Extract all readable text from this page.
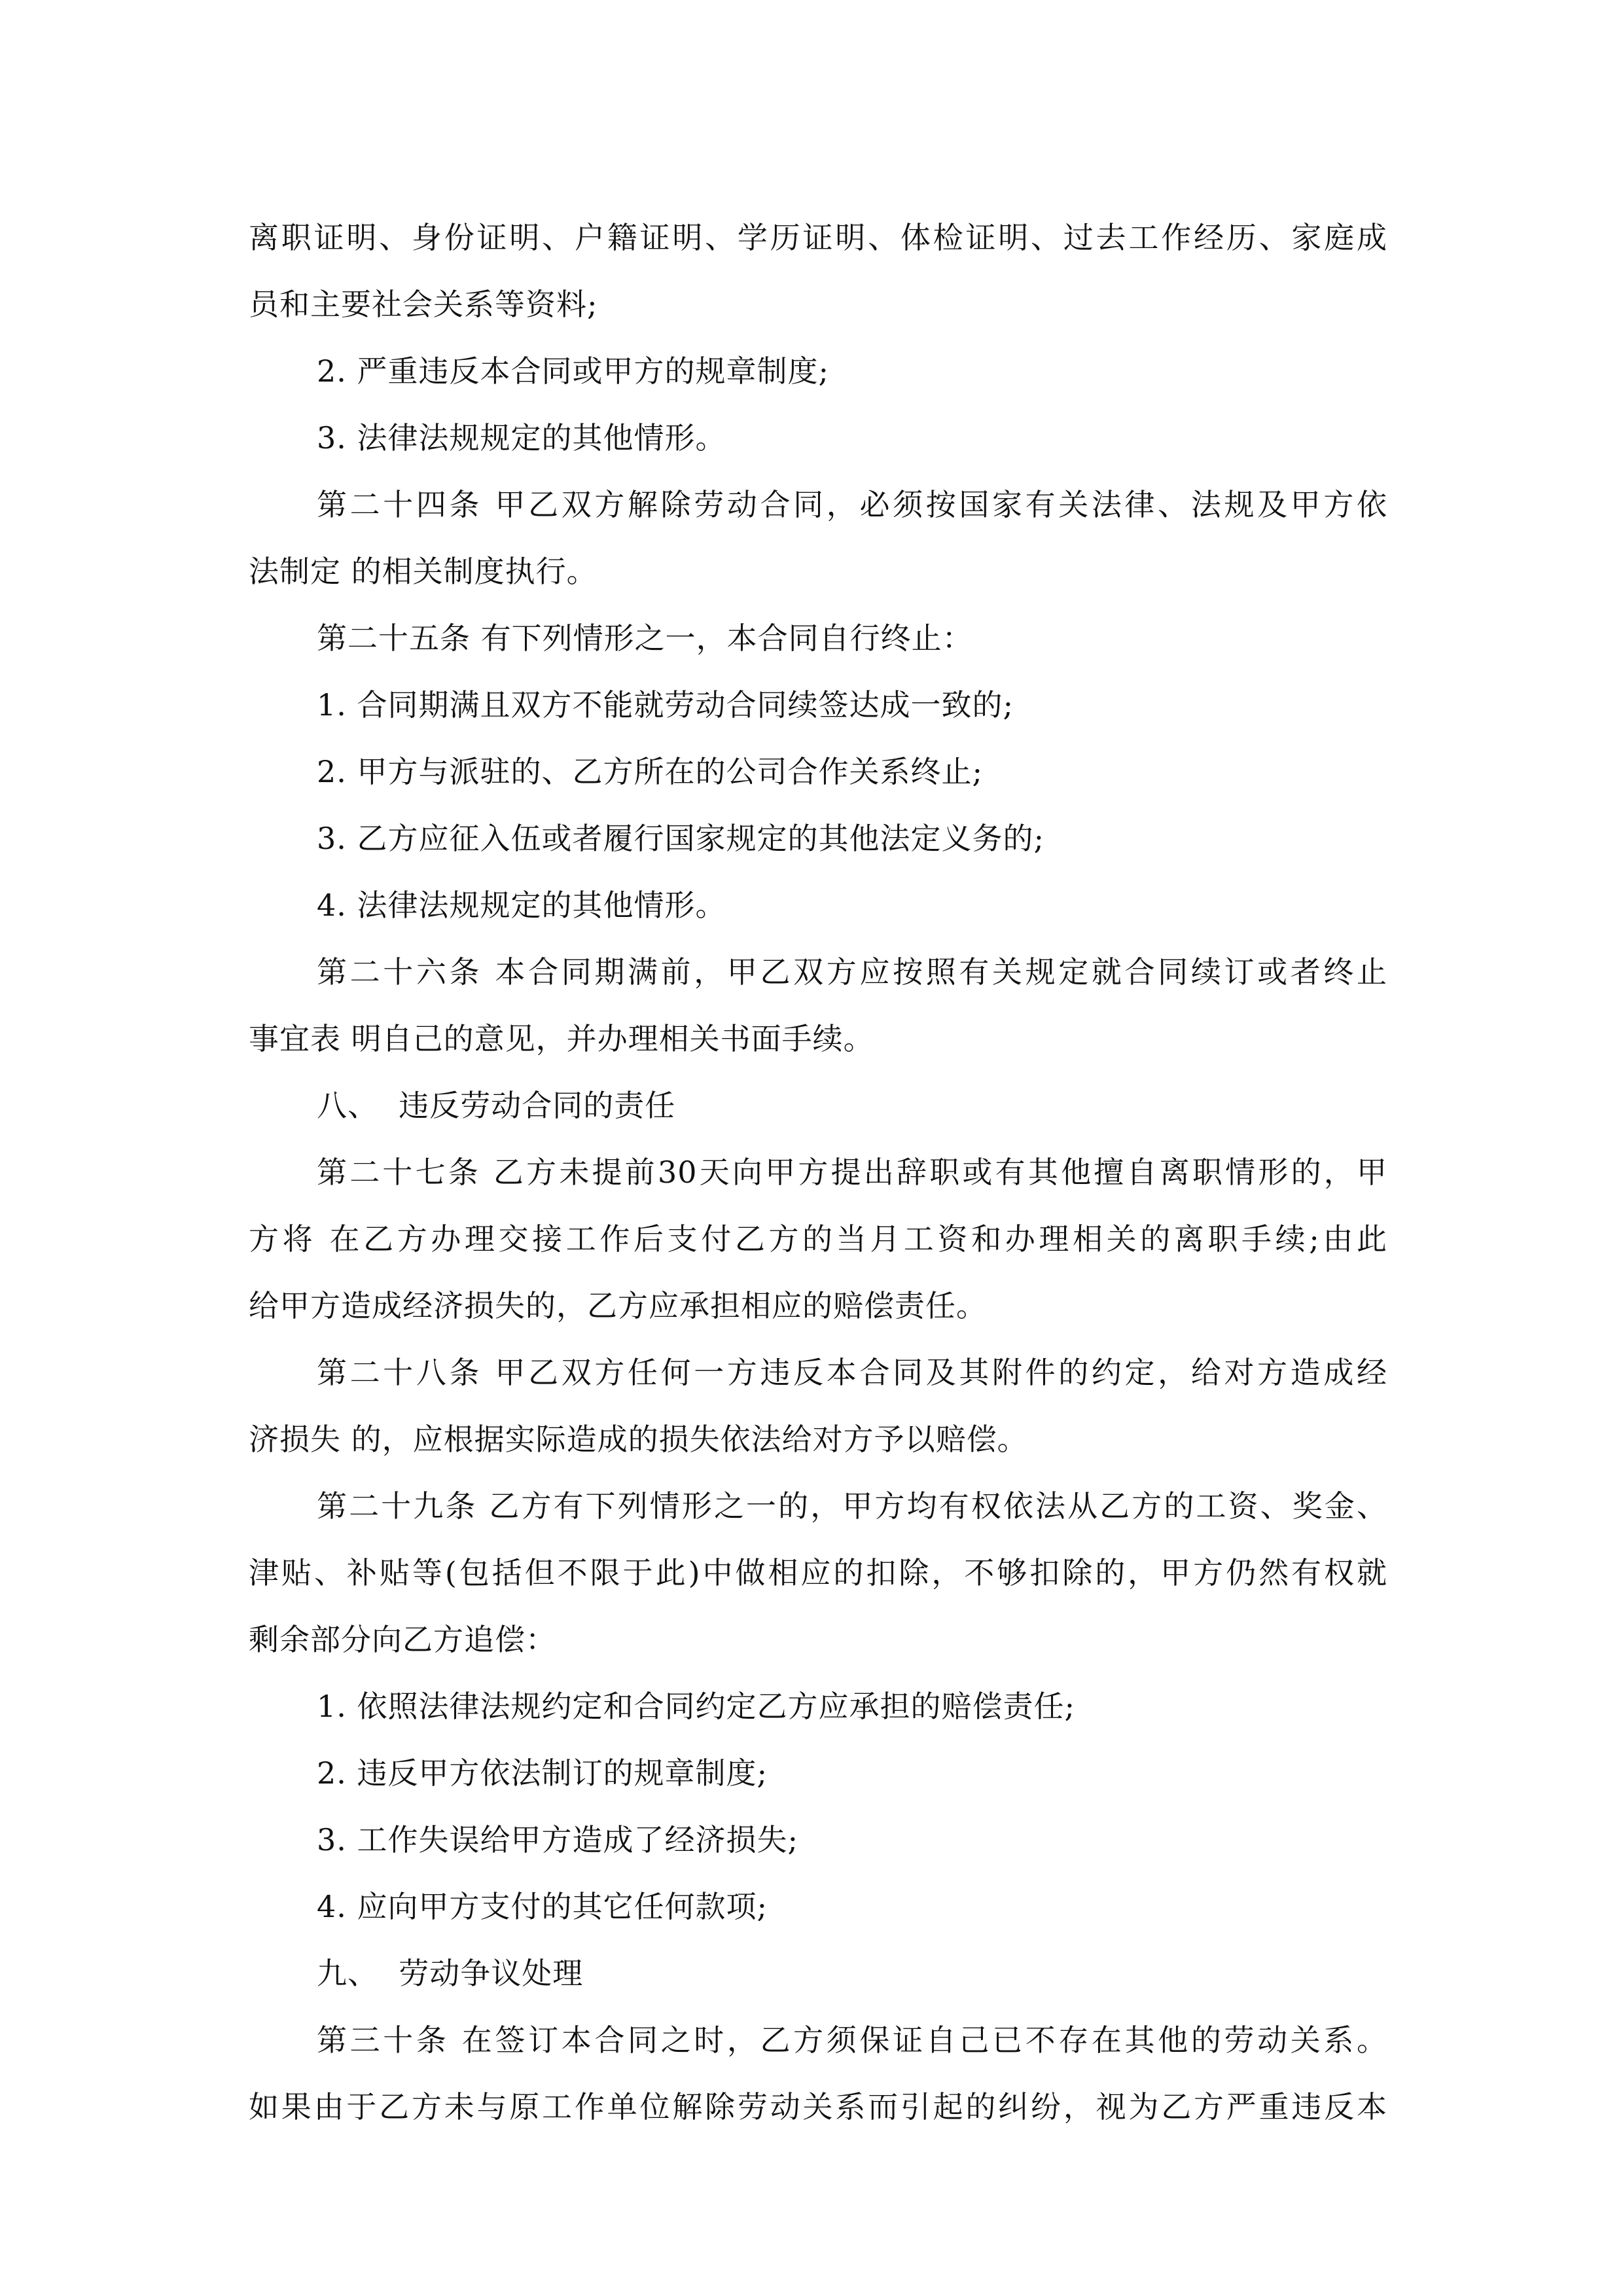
离职证明、身份证明、户籍证明、学历证明、体检证明、过去工作经历、家庭成
员和主要社会关系等资料;
2. 严重违反本合同或甲方的规章制度;
3. 法律法规规定的其他情形。
第二十四条 甲乙双方解除劳动合同，必须按国家有关法律、法规及甲方依
法制定 的相关制度执行。
第二十五条 有下列情形之一，本合同自行终止：
1. 合同期满且双方不能就劳动合同续签达成一致的;
2. 甲方与派驻的、乙方所在的公司合作关系终止;
3. 乙方应征入伍或者履行国家规定的其他法定义务的;
4. 法律法规规定的其他情形。
第二十六条 本合同期满前，甲乙双方应按照有关规定就合同续订或者终止
事宜表 明自己的意见，并办理相关书面手续。
八、  违反劳动合同的责任
第二十七条 乙方未提前30天向甲方提出辞职或有其他擅自离职情形的，甲
方将 在乙方办理交接工作后支付乙方的当月工资和办理相关的离职手续;由此
给甲方造成经济损失的，乙方应承担相应的赔偿责任。
第二十八条 甲乙双方任何一方违反本合同及其附件的约定，给对方造成经
济损失 的，应根据实际造成的损失依法给对方予以赔偿。
第二十九条 乙方有下列情形之一的，甲方均有权依法从乙方的工资、奖金、
津贴、补贴等(包括但不限于此)中做相应的扣除，不够扣除的，甲方仍然有权就
剩余部分向乙方追偿：
1. 依照法律法规约定和合同约定乙方应承担的赔偿责任;
2. 违反甲方依法制订的规章制度;
3. 工作失误给甲方造成了经济损失;
4. 应向甲方支付的其它任何款项;
九、  劳动争议处理
第三十条 在签订本合同之时，乙方须保证自己已不存在其他的劳动关系。
如果由于乙方未与原工作单位解除劳动关系而引起的纠纷，视为乙方严重违反本
